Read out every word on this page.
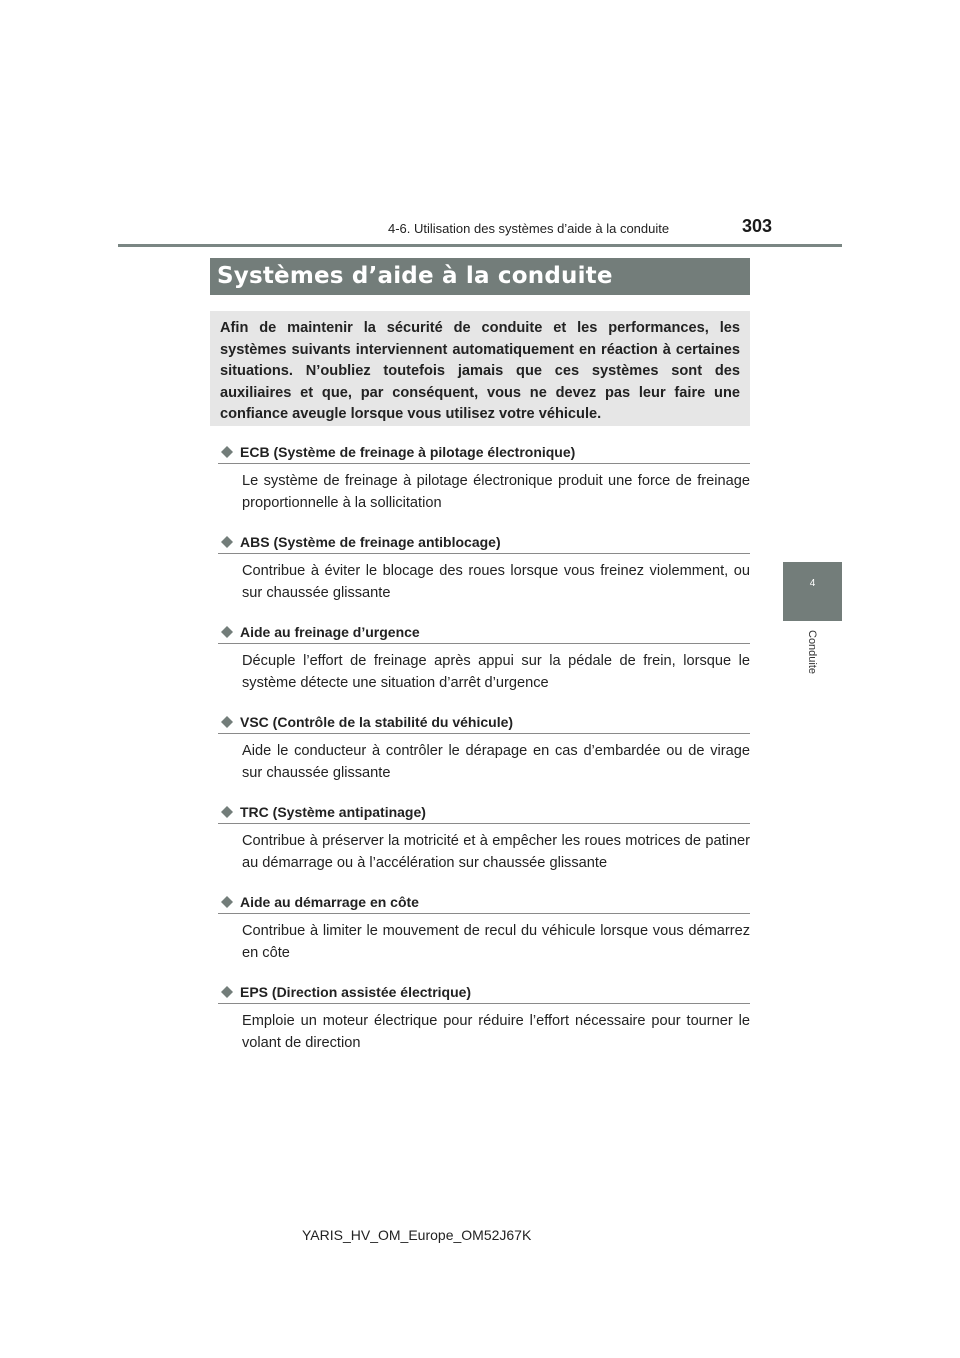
4-6. Utilisation des systèmes d’aide à la conduite	303
4
Conduite
Systèmes d’aide à la conduite

Afin de maintenir la sécurité de conduite et les performances, les systèmes suivants interviennent automatiquement en réaction à certaines situations. N’oubliez toutefois jamais que ces systèmes sont des auxiliaires et que, par conséquent, vous ne devez pas leur faire une confiance aveugle lorsque vous utilisez votre véhicule.

ECB (Système de freinage à pilotage électronique)

Le système de freinage à pilotage électronique produit une force de freinage proportionnelle à la sollicitation

ABS (Système de freinage antiblocage)

Contribue à éviter le blocage des roues lorsque vous freinez violemment, ou sur chaussée glissante

Aide au freinage d’urgence

Décuple l’effort de freinage après appui sur la pédale de frein, lorsque le système détecte une situation d’arrêt d’urgence

VSC (Contrôle de la stabilité du véhicule)

Aide le conducteur à contrôler le dérapage en cas d’embardée ou de virage sur chaussée glissante

TRC (Système antipatinage)

Contribue à préserver la motricité et à empêcher les roues motrices de patiner au démarrage ou à l’accélération sur chaussée glissante

Aide au démarrage en côte

Contribue à limiter le mouvement de recul du véhicule lorsque vous démarrez en côte

EPS (Direction assistée électrique)

Emploie un moteur électrique pour réduire l’effort nécessaire pour tourner le volant de direction

YARIS_HV_OM_Europe_OM52J67K
